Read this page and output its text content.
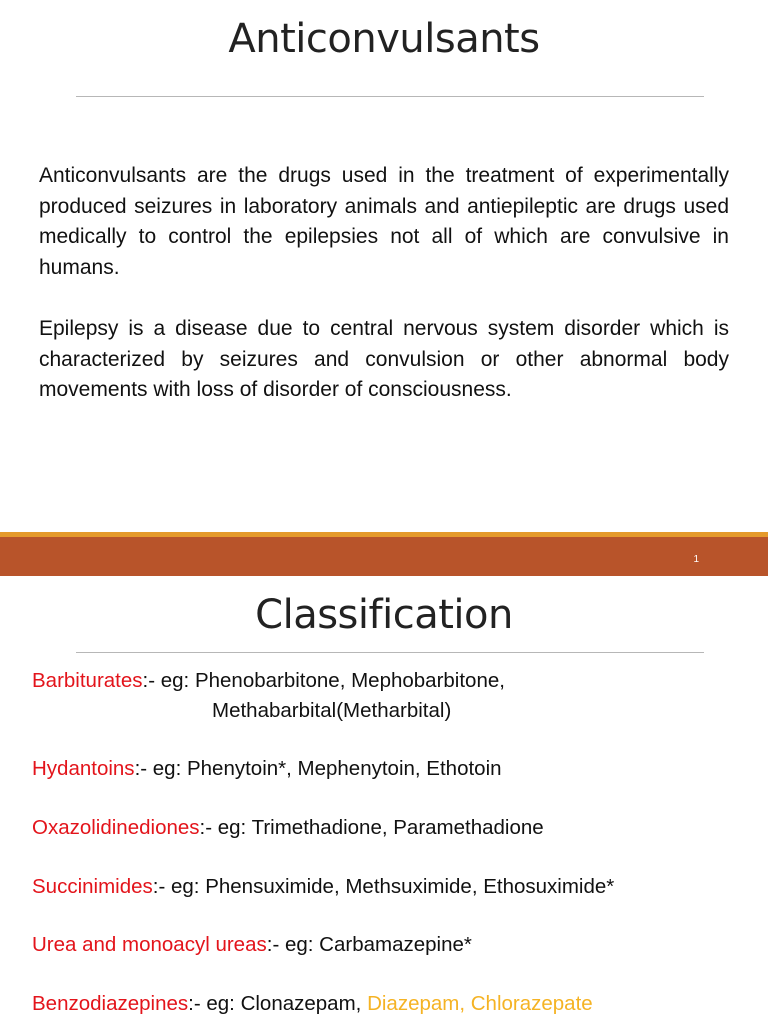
Anticonvulsants

Anticonvulsants are the drugs used in the treatment of experimentally produced seizures in laboratory animals and antiepileptic are drugs used medically to control the epilepsies not all of which are convulsive in humans.

Epilepsy is a disease due to central nervous system disorder which is characterized by seizures and convulsion or other abnormal body movements with loss of disorder of consciousness.

1
Classification
Barbiturates:- eg: Phenobarbitone, Mephobarbitone,
Methabarbital(Metharbital)
Hydantoins:- eg: Phenytoin*, Mephenytoin, Ethotoin
Oxazolidinediones:- eg: Trimethadione, Paramethadione
Succinimides:- eg: Phensuximide, Methsuximide, Ethosuximide*
Urea and monoacyl ureas:- eg: Carbamazepine*
Benzodiazepines:- eg: Clonazepam, Diazepam, Chlorazepate
